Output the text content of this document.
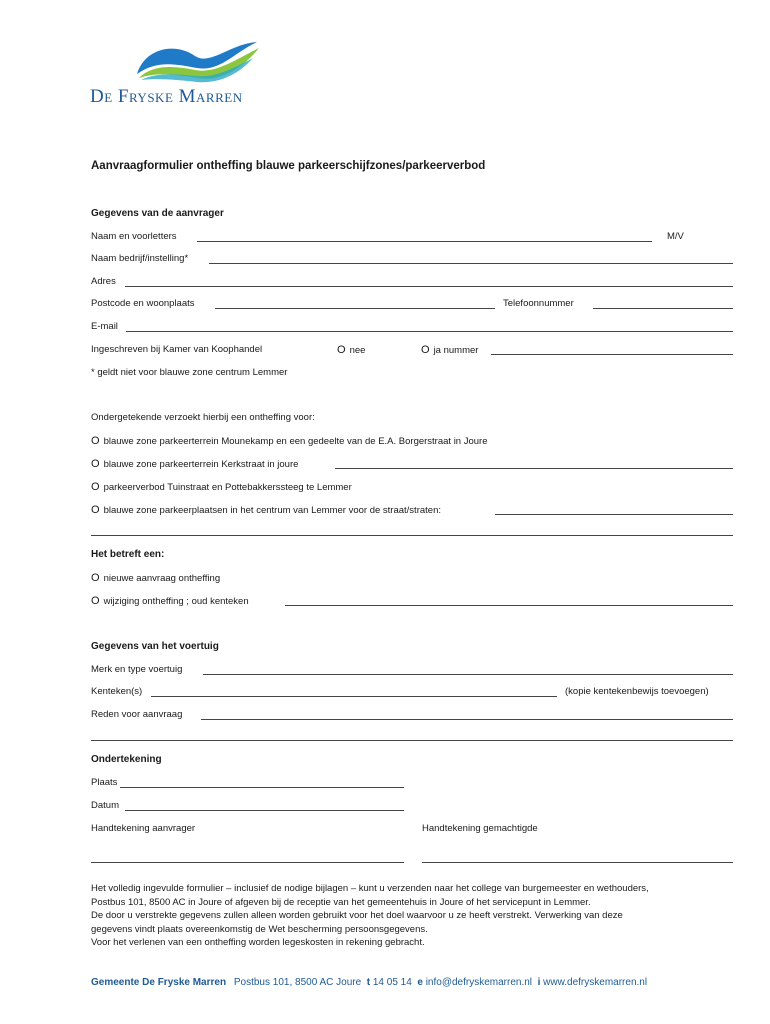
De Fryske Marren
Aanvraagformulier ontheffing blauwe parkeerschijfzones/parkeerverbod
Gegevens van de aanvrager
Naam en voorletters	M/V
Naam bedrijf/instelling*
Adres
Postcode en woonplaats	Telefoonnummer
E-mail
Ingeschreven bij Kamer van Koophandel	O nee	O ja nummer
* geldt niet voor blauwe zone centrum Lemmer
Ondergetekende verzoekt hierbij een ontheffing voor:
O blauwe zone parkeerterrein Mounekamp en een gedeelte van de E.A. Borgerstraat in Joure
O blauwe zone parkeerterrein Kerkstraat in joure
O parkeerverbod Tuinstraat en Pottebakkerssteeg te Lemmer
O blauwe zone parkeerplaatsen in het centrum van Lemmer voor de straat/straten:
Het betreft een:
O nieuwe aanvraag ontheffing
O wijziging ontheffing ; oud kenteken
Gegevens van het voertuig
Merk en type voertuig
Kenteken(s)	(kopie kentekenbewijs toevoegen)
Reden voor aanvraag
Ondertekening
Plaats
Datum
Handtekening aanvrager	Handtekening gemachtigde
Het volledig ingevulde formulier – inclusief de nodige bijlagen – kunt u verzenden naar het college van burgemeester en wethouders,
Postbus 101, 8500 AC in Joure of afgeven bij de receptie van het gemeentehuis in Joure of het servicepunt in Lemmer.
De door u verstrekte gegevens zullen alleen worden gebruikt voor het doel waarvoor u ze heeft verstrekt. Verwerking van deze
gegevens vindt plaats overeenkomstig de Wet bescherming persoonsgegevens.
Voor het verlenen van een ontheffing worden legeskosten in rekening gebracht.
Gemeente De Fryske Marren Postbus 101, 8500 AC Joure t 14 05 14 e info@defryskemarren.nl i www.defryskemarren.nl
